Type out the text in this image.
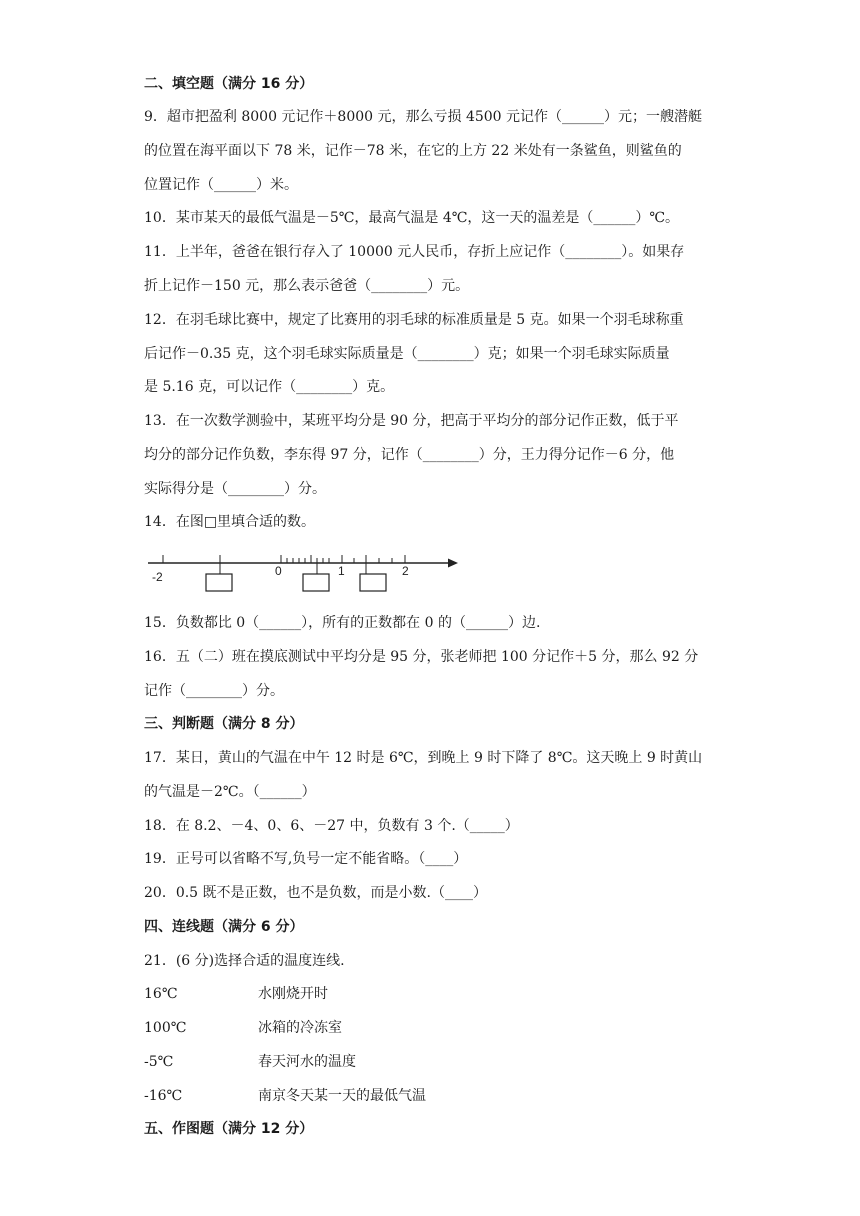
二、填空题（满分 16 分）
9．超市把盈利 8000 元记作＋8000 元，那么亏损 4500 元记作（______）元；一艘潜艇
的位置在海平面以下 78 米，记作－78 米，在它的上方 22 米处有一条鲨鱼，则鲨鱼的
位置记作（______）米。
10．某市某天的最低气温是－5℃，最高气温是 4℃，这一天的温差是（______）℃。
11．上半年，爸爸在银行存入了 10000 元人民币，存折上应记作（________）。如果存
折上记作－150 元，那么表示爸爸（________）元。
12．在羽毛球比赛中，规定了比赛用的羽毛球的标准质量是 5 克。如果一个羽毛球称重
后记作－0.35 克，这个羽毛球实际质量是（________）克；如果一个羽毛球实际质量
是 5.16 克，可以记作（________）克。
13．在一次数学测验中，某班平均分是 90 分，把高于平均分的部分记作正数，低于平
均分的部分记作负数，李东得 97 分，记作（________）分，王力得分记作－6 分，他
实际得分是（________）分。
14．在图□里填合适的数。
-2	0	1	2
15．负数都比 0（______），所有的正数都在 0 的（______）边.
16．五（二）班在摸底测试中平均分是 95 分，张老师把 100 分记作＋5 分，那么 92 分
记作（________）分。
三、判断题（满分 8 分）
17．某日，黄山的气温在中午 12 时是 6℃，到晚上 9 时下降了 8℃。这天晚上 9 时黄山
的气温是－2℃。（______）
18．在 8.2、－4、0、6、－27 中，负数有 3 个.（_____）
19．正号可以省略不写,负号一定不能省略。（____）
20．0.5 既不是正数，也不是负数，而是小数.（____）
四、连线题（满分 6 分）
21．(6 分)选择合适的温度连线.
16℃	水刚烧开时
100℃	冰箱的冷冻室
-5℃	春天河水的温度
-16℃	南京冬天某一天的最低气温
五、作图题（满分 12 分）
